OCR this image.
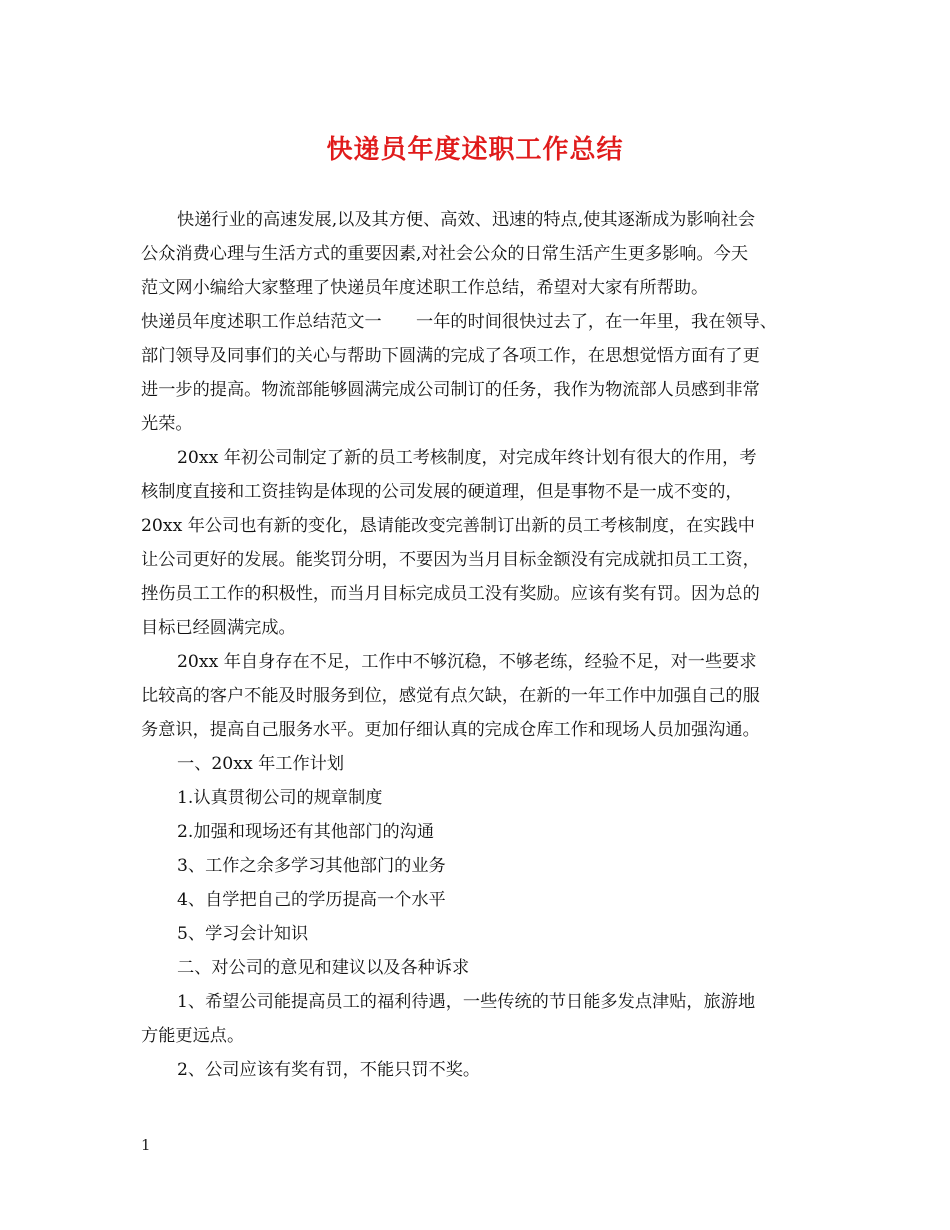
快递员年度述职工作总结
快递行业的高速发展,以及其方便、高效、迅速的特点,使其逐渐成为影响社会
公众消费心理与生活方式的重要因素,对社会公众的日常生活产生更多影响。今天
范文网小编给大家整理了快递员年度述职工作总结，希望对大家有所帮助。
快递员年度述职工作总结范文一　　一年的时间很快过去了，在一年里，我在领导、
部门领导及同事们的关心与帮助下圆满的完成了各项工作，在思想觉悟方面有了更
进一步的提高。物流部能够圆满完成公司制订的任务，我作为物流部人员感到非常
光荣。
20xx 年初公司制定了新的员工考核制度，对完成年终计划有很大的作用，考
核制度直接和工资挂钩是体现的公司发展的硬道理，但是事物不是一成不变的，
20xx 年公司也有新的变化，恳请能改变完善制订出新的员工考核制度，在实践中
让公司更好的发展。能奖罚分明，不要因为当月目标金额没有完成就扣员工工资，
挫伤员工工作的积极性，而当月目标完成员工没有奖励。应该有奖有罚。因为总的
目标已经圆满完成。
20xx 年自身存在不足，工作中不够沉稳，不够老练，经验不足，对一些要求
比较高的客户不能及时服务到位，感觉有点欠缺，在新的一年工作中加强自己的服
务意识，提高自己服务水平。更加仔细认真的完成仓库工作和现场人员加强沟通。
一、20xx 年工作计划
1.认真贯彻公司的规章制度
2.加强和现场还有其他部门的沟通
3、工作之余多学习其他部门的业务
4、自学把自己的学历提高一个水平
5、学习会计知识
二、对公司的意见和建议以及各种诉求
1、希望公司能提高员工的福利待遇，一些传统的节日能多发点津贴，旅游地
方能更远点。
2、公司应该有奖有罚，不能只罚不奖。
1
